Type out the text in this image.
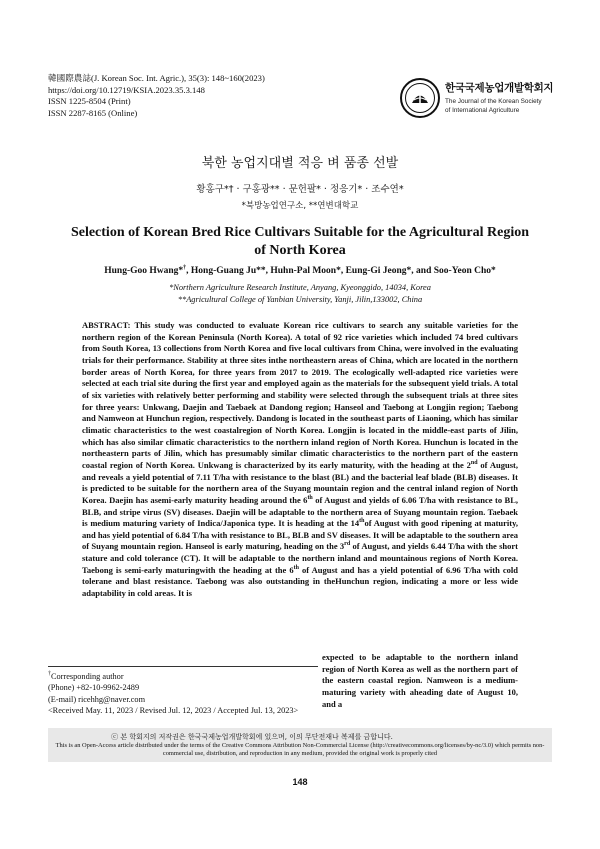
韓國際農誌(J. Korean Soc. Int. Agric.), 35(3): 148~160(2023)
https://doi.org/10.12719/KSIA.2023.35.3.148
ISSN 1225-8504 (Print)
ISSN 2287-8165 (Online)
한국국제농업개발학회지
The Journal of the Korean Society
of International Agriculture
북한 농업지대별 적응 벼 품종 선발
황홍구*† · 구홍광** · 문헌팔* · 정응기* · 조수연*
*북방농업연구소, **연변대학교
Selection of Korean Bred Rice Cultivars Suitable for the Agricultural Region
of North Korea
Hung-Goo Hwang*†, Hong-Guang Ju**, Huhn-Pal Moon*, Eung-Gi Jeong*, and Soo-Yeon Cho*
*Northern Agriculture Research Institute, Anyang, Kyeonggido, 14034, Korea
**Agricultural College of Yanbian University, Yanji, Jilin,133002, China
ABSTRACT: This study was conducted to evaluate Korean rice cultivars to search any suitable varieties for the northern region of the Korean Peninsula (North Korea). A total of 92 rice varieties which included 74 bred cultivars from South Korea, 13 collections from North Korea and five local cultivars from China, were involved in the evaluating trials for their performance. Stability at three sites inthe northeastern areas of China, which are located in the northern border areas of North Korea, for three years from 2017 to 2019. The ecologically well-adapted rice varieties were selected at each trial site during the first year and employed again as the materials for the subsequent yield trials. A total of six varieties with relatively better performing and stability were selected through the subsequent trials at three sites for three years: Unkwang, Daejin and Taebaek at Dandong region; Hanseol and Taebong at Longjin region; Taebong and Namweon at Hunchun region, respectively. Dandong is located in the southeast parts of Liaoning, which has similar climatic characteristics to the west coastalregion of North Korea. Longjin is located in the middle-east parts of Jilin, which has also similar climatic characteristics to the northern inland region of North Korea. Hunchun is located in the northeastern parts of Jilin, which has presumably similar climatic characteristics to the northern part of the eastern coastal region of North Korea. Unkwang is characterized by its early maturity, with the heading at the 2nd of August, and reveals a yield potential of 7.11 T/ha with resistance to the blast (BL) and the bacterial leaf blade (BLB) diseases. It is predicted to be suitable for the northern area of the Suyang mountain region and the central inland region of North Korea. Daejin has asemi-early maturity heading around the 6th of August and yields of 6.06 T/ha with resistance to BL, BLB, and stripe virus (SV) diseases. Daejin will be adaptable to the northern area of Suyang mountain region. Taebaek is medium maturing variety of Indica/Japonica type. It is heading at the 14thof August with good ripening at maturity, and has yield potential of 6.84 T/ha with resistance to BL, BLB and SV diseases. It will be adaptable to the southern area of Suyang mountain region. Hanseol is early maturing, heading on the 3rd of August, and yields 6.44 T/ha with the short stature and cold tolerance (CT). It will be adaptable to the northern inland and mountainous regions of North Korea. Taebong is semi-early maturingwith the heading at the 6th of August and has a yield potential of 6.96 T/ha with cold tolerane and blast resistance. Taebong was also outstanding in theHunchun region, indicating a more or less wide adaptability in cold areas. It is
expected to be adaptable to the northern inland region of North Korea as well as the northern part of the eastern coastal region. Namweon is a medium-maturing variety with aheading date of August 10, and a
†Corresponding author
(Phone) +82-10-9962-2489
(E-mail) ricehhg@naver.com
<Received May. 11, 2023 / Revised Jul. 12, 2023 / Accepted Jul. 13, 2023>
ⓒ 본 학회지의 저작권은 한국국제농업개발학회에 있으며, 이의 무단전재나 복제를 금합니다.
This is an Open-Access article distributed under the terms of the Creative Commons Attribution Non-Commercial License (http://creativecommons.org/licenses/by-nc/3.0) which permits non-commercial use, distribution, and reproduction in any medium, provided the original work is properly cited
148
